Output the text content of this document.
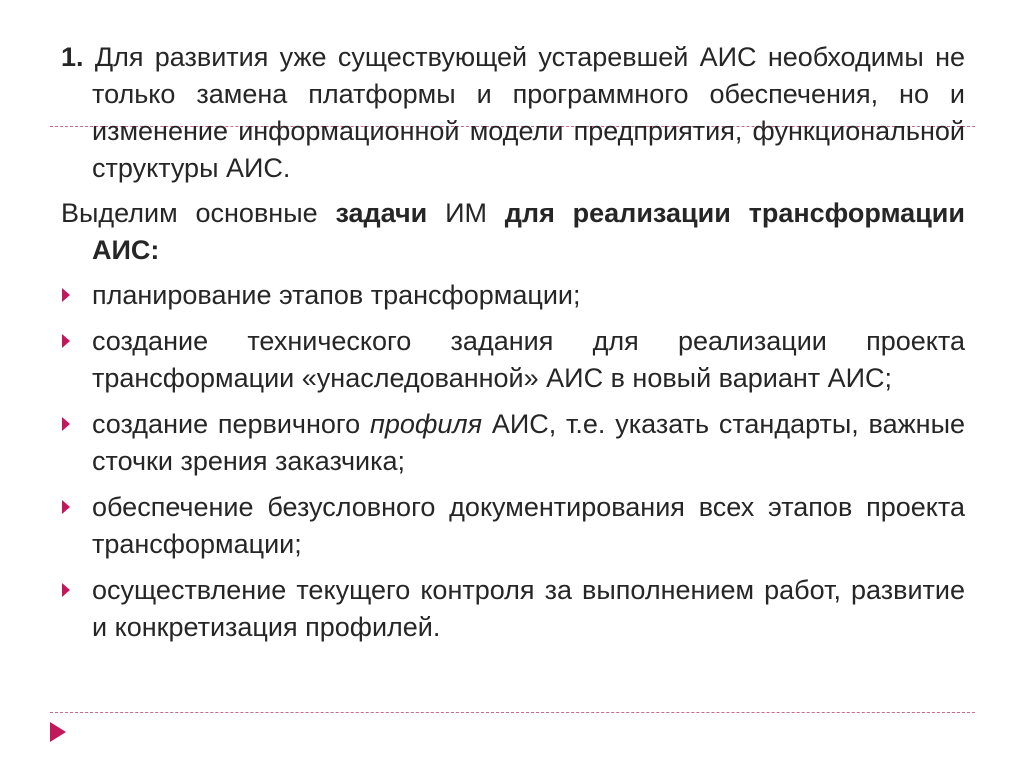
1. Для развития уже существующей устаревшей АИС необходимы не только замена платформы и программного обеспечения, но и изменение информационной модели предприятия, функциональной структуры АИС.

Выделим основные задачи ИМ для реализации трансформации АИС:

планирование этапов трансформации;
создание технического задания для реализации проекта трансформации «унаследованной» АИС в новый вариант АИС;
создание первичного профиля АИС, т.е. указать стандарты, важные сточки зрения заказчика;
обеспечение безусловного документирования всех этапов проекта трансформации;
осуществление текущего контроля за выполнением работ, развитие и конкретизация профилей.
